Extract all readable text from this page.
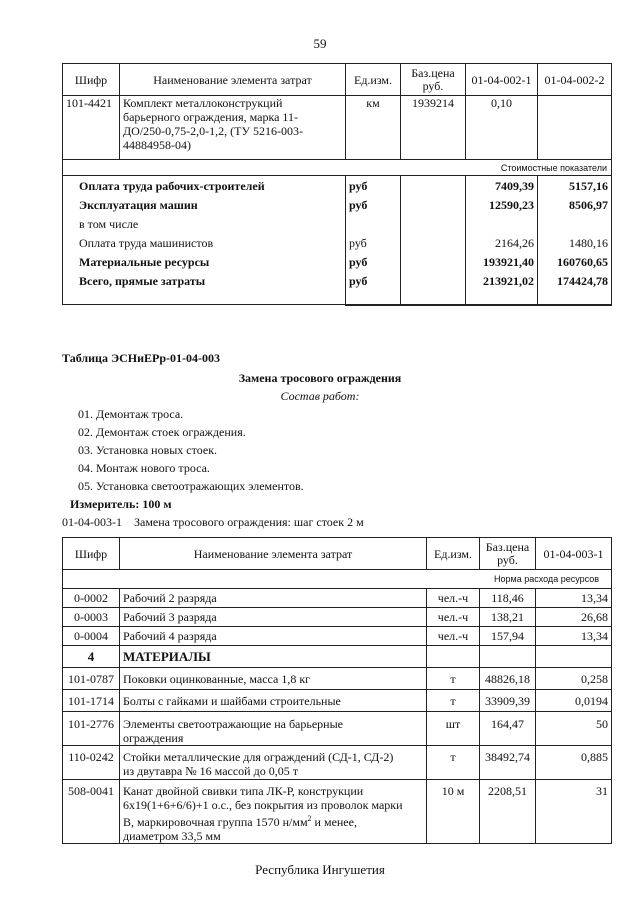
59
Шифр	Наименование элемента затрат	Ед.изм.	Баз.цена
руб.	01-04-002-1	01-04-002-2
101-4421	Комплект металлоконструкций
барьерного ограждения, марка 11-
ДО/250-0,75-2,0-1,2, (ТУ 5216-003-
44884958-04)	км	1939214	0,10	
Стоимостные показатели					
Оплата труда рабочих-строителей		руб		7409,39	5157,16
Эксплуатация машин		руб		12590,23	8506,97
в том числе					
Оплата труда машинистов		руб		2164,26	1480,16
Материальные ресурсы		руб		193921,40	160760,65
Всего, прямые затраты		руб		213921,02	174424,78
Таблица ЭСНиЕРр-01-04-003
Замена тросового ограждения
Состав работ:
01. Демонтаж троса.
02. Демонтаж стоек ограждения.
03. Установка новых стоек.
04. Монтаж нового троса.
05. Установка светоотражающих элементов.
Измеритель: 100 м
01-04-003-1    Замена тросового ограждения: шаг стоек 2 м
Шифр	Наименование элемента затрат	Ед.изм.	Баз.цена
руб.	01-04-003-1
Норма расхода ресурсов				
0-0002	Рабочий 2 разряда	чел.-ч	118,46	13,34
0-0003	Рабочий 3 разряда	чел.-ч	138,21	26,68
0-0004	Рабочий 4 разряда	чел.-ч	157,94	13,34
4	МАТЕРИАЛЫ			
101-0787	Поковки оцинкованные, масса 1,8 кг	т	48826,18	0,258
101-1714	Болты с гайками и шайбами строительные	т	33909,39	0,0194
101-2776	Элементы светоотражающие на барьерные
ограждения	шт	164,47	50
110-0242	Стойки металлические для ограждений (СД-1, СД-2)
из двутавра № 16 массой до 0,05 т	т	38492,74	0,885
508-0041	Канат двойной свивки типа ЛК-Р, конструкции
6х19(1+6+6/6)+1 о.с., без покрытия из проволок марки
В, маркировочная группа 1570 $н/мм^2$ и менее,
диаметром 33,5 мм	10 м	2208,51	31
Республика Ингушетия
